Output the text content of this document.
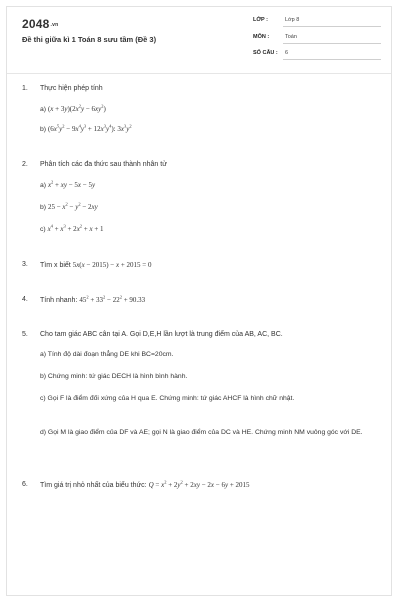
2048.vn
Đề thi giữa kì 1 Toán 8 sưu tầm (Đề 3)
LỚP :	Lớp 8
MÔN :	Toán
SỐ CÂU : 6
1.	Thực hiện phép tính
a) $(x + 3y)(2x^2y - 6xy^2)$
b) $(6x^5y^2 - 9x^4y^3 + 12x^3y^4)$: $3x^3y^2$
2.	Phân tích các đa thức sau thành nhân tử
a) $x^2$ + xy − 5x − 5y
b) $25 - x^2 - y^2 - 2xy$
c) $x^4 + x^3 + 2x^2 + x + 1$
3.	Tìm x biết 5x(x − 2015) − x + 2015 = 0
4.	Tính nhanh: $45^2 + 33^2 - 22^2 + 90.33$
5.	Cho tam giác ABC cân tại A. Gọi D,E,H lần lượt là trung điểm của AB, AC, BC.
a) Tính độ dài đoạn thẳng DE khi BC=20cm.
b) Chứng minh: tứ giác DECH là hình bình hành.
c) Gọi F là điểm đối xứng của H qua E. Chứng minh: tứ giác AHCF là hình chữ nhật.
d) Gọi M là giao điểm của DF và AE; gọi N là giao điểm của DC và HE. Chứng minh NM vuông góc với DE.
6.	Tìm giá trị nhỏ nhất của biểu thức: $Q = x^2 + 2y^2 + 2xy - 2x - 6y + 2015$
